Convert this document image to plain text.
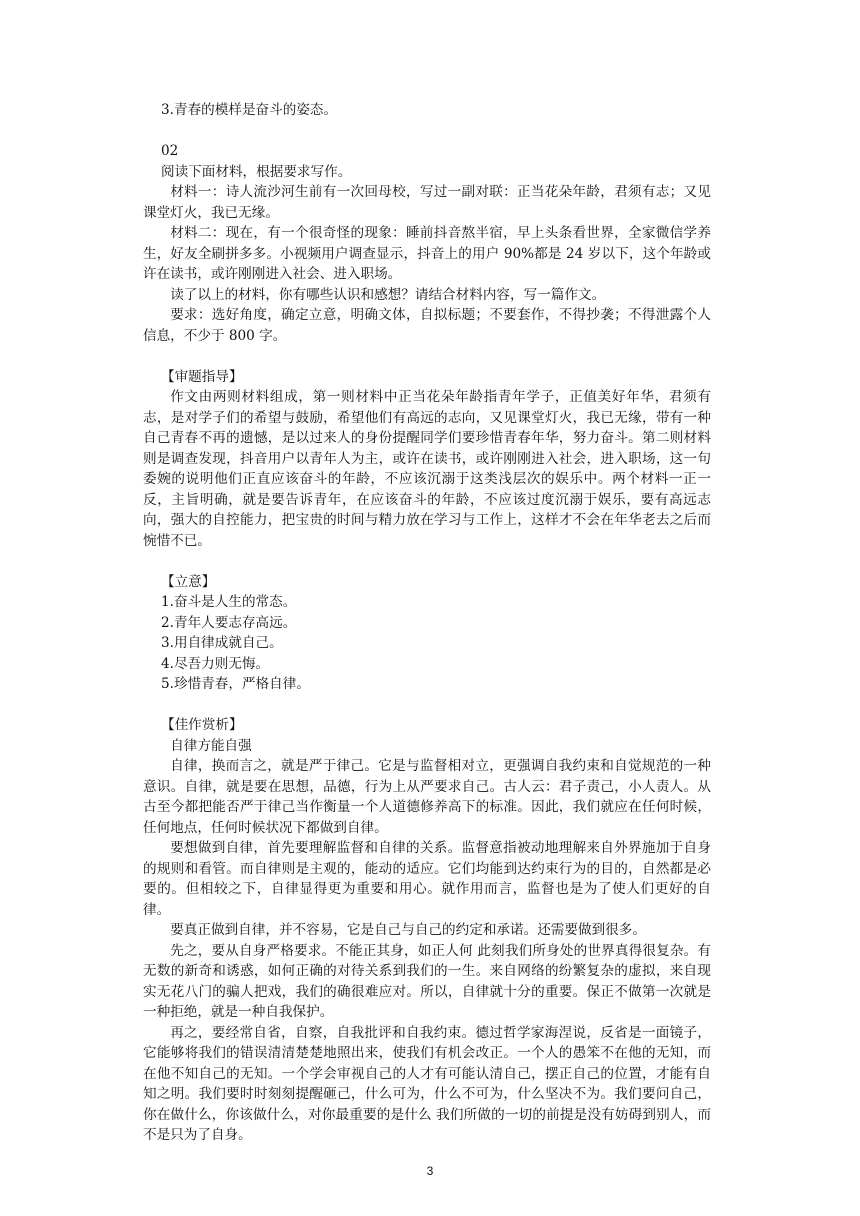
3.青春的模样是奋斗的姿态。

02

阅读下面材料，根据要求写作。

材料一：诗人流沙河生前有一次回母校，写过一副对联：正当花朵年龄，君须有志；又见课堂灯火，我已无缘。

材料二：现在，有一个很奇怪的现象：睡前抖音熬半宿，早上头条看世界，全家微信学养生，好友全刷拼多多。小视频用户调查显示，抖音上的用户 90%都是 24 岁以下，这个年龄或许在读书，或许刚刚进入社会、进入职场。

读了以上的材料，你有哪些认识和感想？请结合材料内容，写一篇作文。

要求：选好角度，确定立意，明确文体，自拟标题；不要套作，不得抄袭；不得泄露个人信息，不少于 800 字。

【审题指导】

作文由两则材料组成，第一则材料中正当花朵年龄指青年学子，正值美好年华，君须有志，是对学子们的希望与鼓励，希望他们有高远的志向，又见课堂灯火，我已无缘，带有一种自己青春不再的遗憾，是以过来人的身份提醒同学们要珍惜青春年华，努力奋斗。第二则材料则是调查发现，抖音用户以青年人为主，或许在读书，或许刚刚进入社会，进入职场，这一句委婉的说明他们正直应该奋斗的年龄，不应该沉溺于这类浅层次的娱乐中。两个材料一正一反，主旨明确，就是要告诉青年，在应该奋斗的年龄，不应该过度沉溺于娱乐，要有高远志向，强大的自控能力，把宝贵的时间与精力放在学习与工作上，这样才不会在年华老去之后而惋惜不已。

【立意】

1.奋斗是人生的常态。

2.青年人要志存高远。

3.用自律成就自己。

4.尽吾力则无悔。

5.珍惜青春，严格自律。

【佳作赏析】

自律方能自强

自律，换而言之，就是严于律己。它是与监督相对立，更强调自我约束和自觉规范的一种意识。自律，就是要在思想，品德，行为上从严要求自己。古人云：君子责己，小人责人。从古至今都把能否严于律己当作衡量一个人道德修养高下的标准。因此，我们就应在任何时候，任何地点，任何时候状况下都做到自律。

要想做到自律，首先要理解监督和自律的关系。监督意指被动地理解来自外界施加于自身的规则和看管。而自律则是主观的，能动的适应。它们均能到达约束行为的目的，自然都是必要的。但相较之下，自律显得更为重要和用心。就作用而言，监督也是为了使人们更好的自律。

要真正做到自律，并不容易，它是自己与自己的约定和承诺。还需要做到很多。

先之，要从自身严格要求。不能正其身，如正人何 此刻我们所身处的世界真得很复杂。有无数的新奇和诱惑，如何正确的对待关系到我们的一生。来自网络的纷繁复杂的虚拟，来自现实无花八门的骗人把戏，我们的确很难应对。所以，自律就十分的重要。保正不做第一次就是一种拒绝，就是一种自我保护。

再之，要经常自省，自察，自我批评和自我约束。德过哲学家海涅说，反省是一面镜子，它能够将我们的错误清清楚楚地照出来，使我们有机会改正。一个人的愚笨不在他的无知，而在他不知自己的无知。一个学会审视自己的人才有可能认清自己，摆正自己的位置，才能有自知之明。我们要时时刻刻提醒砸己，什么可为，什么不可为，什么坚决不为。我们要问自己，你在做什么，你该做什么，对你最重要的是什么 我们所做的一切的前提是没有妨碍到别人，而不是只为了自身。

3
